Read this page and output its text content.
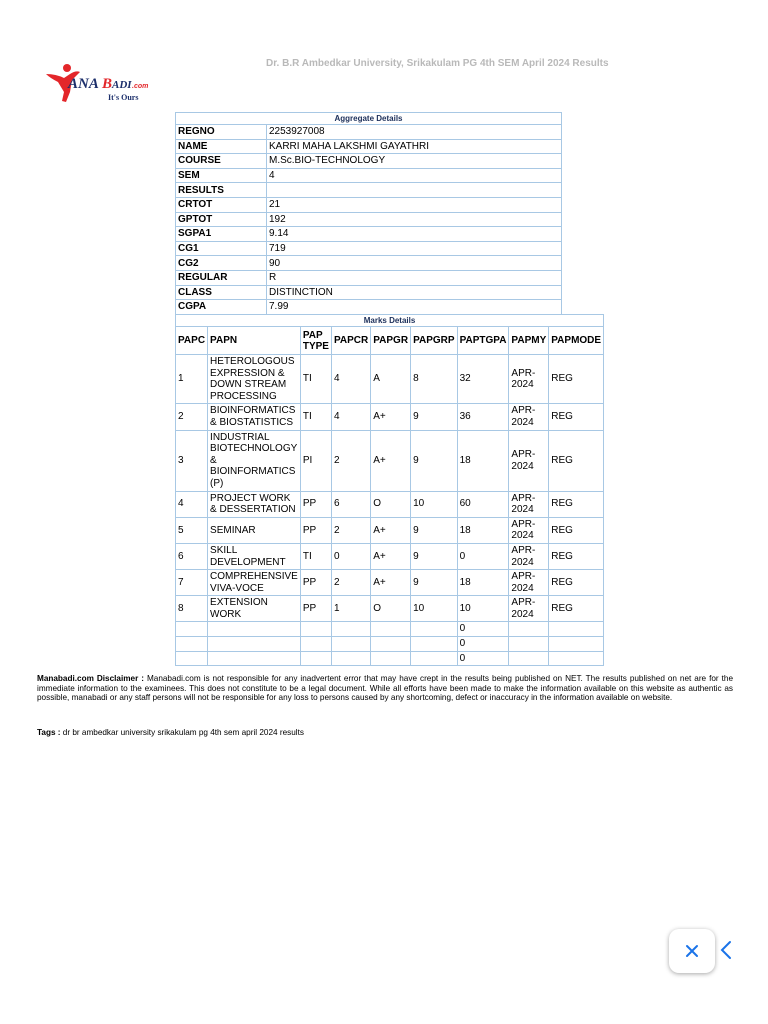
Dr. B.R Ambedkar University, Srikakulam PG 4th SEM April 2024 Results
ANA B ADI .com
It's Ours
Aggregate Details	
REGNO	2253927008
NAME	KARRI MAHA LAKSHMI GAYATHRI
COURSE	M.Sc.BIO-TECHNOLOGY
SEM	4
RESULTS	
CRTOT	21
GPTOT	192
SGPA1	9.14
CG1	719
CG2	90
REGULAR	R
CLASS	DISTINCTION
CGPA	7.99
Marks Details								
PAPC	PAPN	PAP TYPE	PAPCR	PAPGR	PAPGRP	PAPTGPA	PAPMY	PAPMODE
1	HETEROLOGOUS EXPRESSION & DOWN STREAM PROCESSING	TI	4	A	8	32	APR-2024	REG
2	BIOINFORMATICS & BIOSTATISTICS	TI	4	A+	9	36	APR-2024	REG
3	INDUSTRIAL BIOTECHNOLOGY & BIOINFORMATICS (P)	PI	2	A+	9	18	APR-2024	REG
4	PROJECT WORK & DESSERTATION	PP	6	O	10	60	APR-2024	REG
5	SEMINAR	PP	2	A+	9	18	APR-2024	REG
6	SKILL DEVELOPMENT	TI	0	A+	9	0	APR-2024	REG
7	COMPREHENSIVE VIVA-VOCE	PP	2	A+	9	18	APR-2024	REG
8	EXTENSION WORK	PP	1	O	10	10	APR-2024	REG
						0		
						0		
						0		
Manabadi.com Disclaimer : Manabadi.com is not responsible for any inadvertent error that may have crept in the results being published on NET. The results published on net are for the immediate information to the examinees. This does not constitute to be a legal document. While all efforts have been made to make the information available on this website as authentic as possible, manabadi or any staff persons will not be responsible for any loss to persons caused by any shortcoming, defect or inaccuracy in the information available on website.
Tags : dr br ambedkar university srikakulam pg 4th sem april 2024 results
